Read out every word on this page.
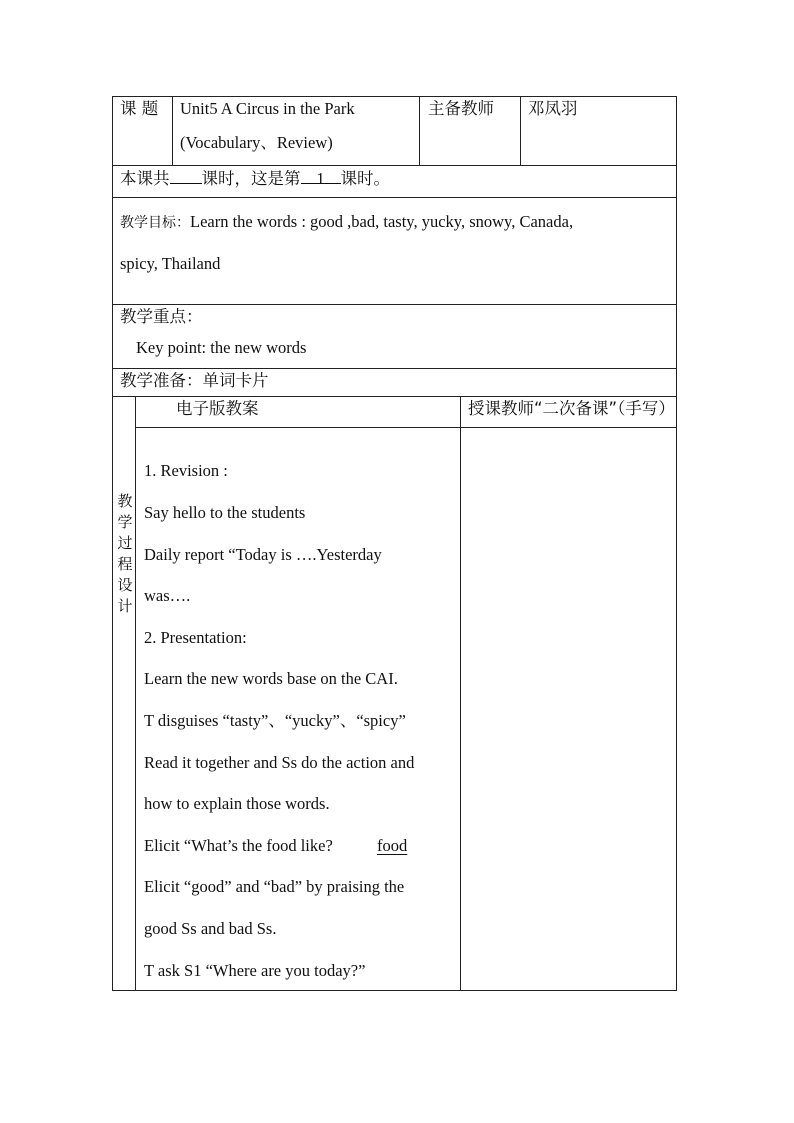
课 题 Unit5 A Circus in the Park
(Vocabulary、Review)
主备教师 邓凤羽
本课共 课时，这是第 1 课时。
教学目标：Learn the words : good ,bad, tasty, yucky, snowy, Canada,
spicy, Thailand
教学重点：
Key point: the new words
教学准备：单词卡片
教
学
过
程
设
计
电子版教案	授课教师“二次备课”（手写）
1. Revision :
Say hello to the students
Daily report “Today is ….Yesterday
was….
2. Presentation:
Learn the new words base on the CAI.
T disguises “tasty”、“yucky”、“spicy”
Read it together and Ss do the action and
how to explain those words.
Elicit “What’s the food like?	food
Elicit “good” and “bad” by praising the
good Ss and bad Ss.
T ask S1 “Where are you today?”
